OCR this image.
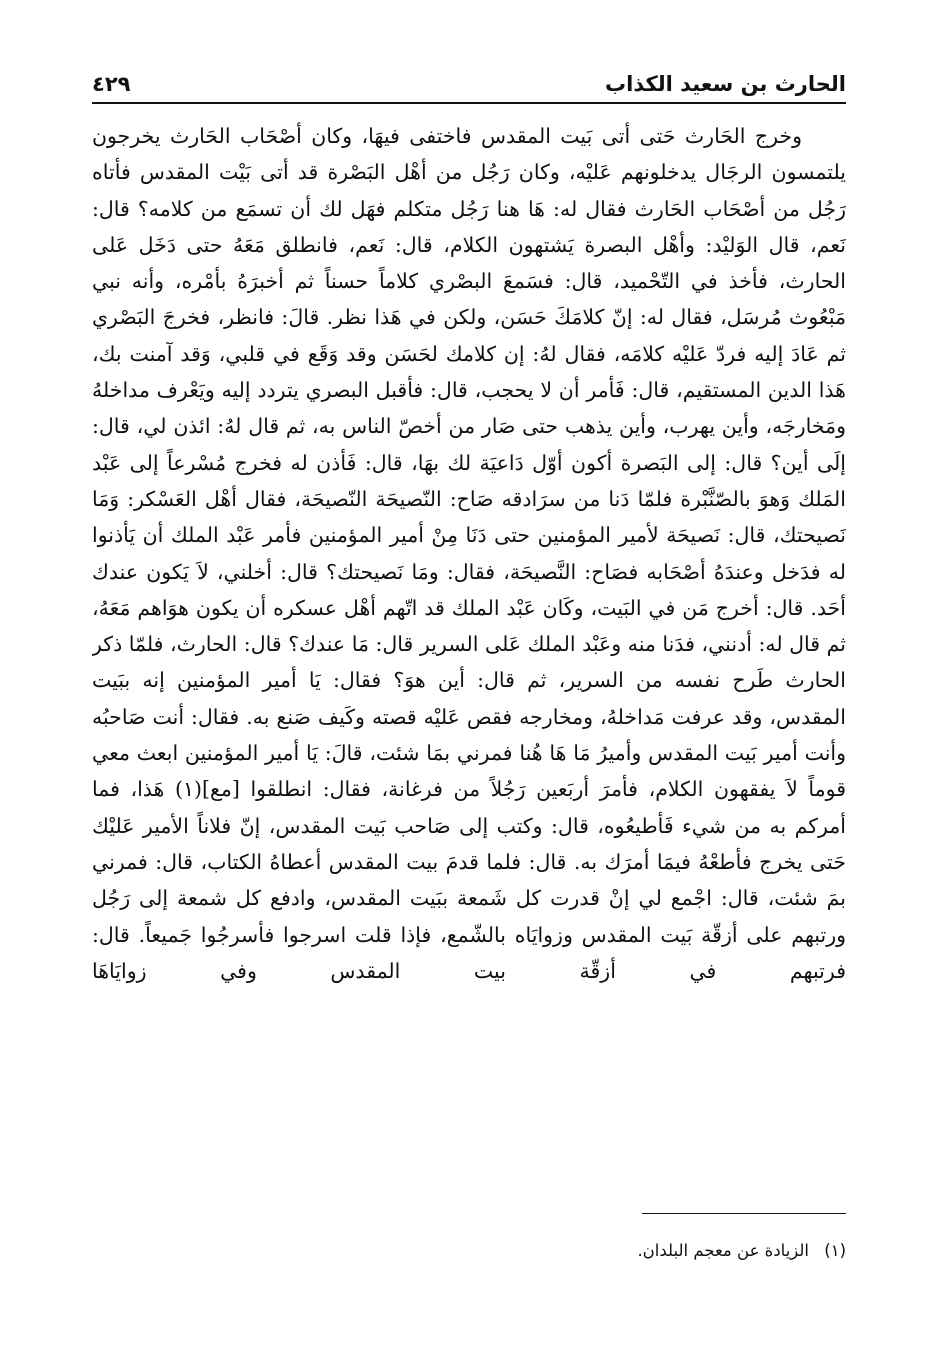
الحارث بن سعيد الكذاب
٤٢٩

وخرج الحَارث حَتى أتى بَيت المقدس فاختفى فيهَا، وكان أصْحَاب الحَارث يخرجون يلتمسون الرجَال يدخلونهم عَليْه، وكان رَجُل من أهْل البَصْرة قد أتى بَيْت المقدس فأتاه رَجُل من أصْحَاب الحَارث فقال له: هَا هنا رَجُل متكلم فهَل لك أن تسمَع من كلامه؟ قال: نَعم، قال الوَليْد: وأهْل البصرة يَشتهون الكلام، قال: نَعم، فانطلق مَعَهُ حتى دَخَل عَلى الحارث، فأخذ في التّحْميد، قال: فسَمعَ البصْري كلاماً حسناً ثم أخبرَهُ بأمْره، وأنه نبي مَبْعُوث مُرسَل، فقال له: إنّ كلامَكَ حَسَن، ولكن في هَذا نظر. قالَ: فانظر، فخرجَ البَصْري ثم عَادَ إليه فردّ عَليْه كلامَه، فقال لهُ: إن كلامك لحَسَن وقد وَقَع في قلبي، وَقد آمنت بك، هَذا الدين المستقيم، قال: فَأمر أن لا يحجب، قال: فأقبل البصري يتردد إليه ويَعْرف مداخلهُ ومَخارجَه، وأين يهرب، وأين يذهب حتى صَار من أخصّ الناس به، ثم قال لهُ: ائذن لي، قال: إلَى أين؟ قال: إلى البَصرة أكون أوّل دَاعيَة لك بهَا، قال: فَأذن له فخرج مُسْرعاً إلى عَبْد المَلك وَهوَ بالصّنَّبْرة فلمّا دَنا من سرَادقه صَاح: النّصيحَة النّصيحَة، فقال أهْل العَسْكر: وَمَا نَصيحتك، قال: نَصيحَة لأمير المؤمنين حتى دَنَا مِنْ أمير المؤمنين فأمر عَبْد الملك أن يَأذنوا له فدَخل وعندَهُ أصْحَابه فصَاح: النَّصيحَة، فقال: ومَا نَصيحتك؟ قال: أخلني، لاَ يَكون عندك أحَد. قال: أخرج مَن في البَيت، وكَان عَبْد الملك قد اتّهم أهْل عسكره أن يكون هوَاهم مَعَهُ، ثم قال له: أدنني، فدَنا منه وعَبْد الملك عَلى السرير قال: مَا عندك؟ قال: الحارث، فلمّا ذكر الحارث طَرح نفسه من السرير، ثم قال: أين هوَ؟ فقال: يَا أمير المؤمنين إنه ببَيت المقدس، وقد عرفت مَداخلهُ، ومخارجه فقص عَليْه قصته وكَيف صَنع به. فقال: أنت صَاحبُه وأنت أمير بَيت المقدس وأميرُ مَا هَا هُنا فمرني بمَا شئت، قالَ: يَا أمير المؤمنين ابعث معي قوماً لاَ يفقهون الكلام، فأمرَ أربَعين رَجُلاً من فرغانة، فقال: انطلقوا [مع](١) هَذا، فما أمركم به من شيء فَأطيعُوه، قال: وكتب إلى صَاحب بَيت المقدس، إنّ فلاناً الأمير عَليْك حَتى يخرج فأطعْهُ فيمَا أمرَك به. قال: فلما قدمَ بيت المقدس أعطاهُ الكتاب، قال: فمرني بمَ شئت، قال: اجْمع لي إنْ قدرت كل شَمعة ببَيت المقدس، وادفع كل شمعة إلى رَجُل ورتبهم على أزقّة بَيت المقدس وزوايَاه بالشّمع، فإذا قلت اسرجوا فأسرجُوا جَميعاً. قال: فرتبهم في أزقّة بيت المقدس وفي زوايَاهَا

(١) الزيادة عن معجم البلدان.
